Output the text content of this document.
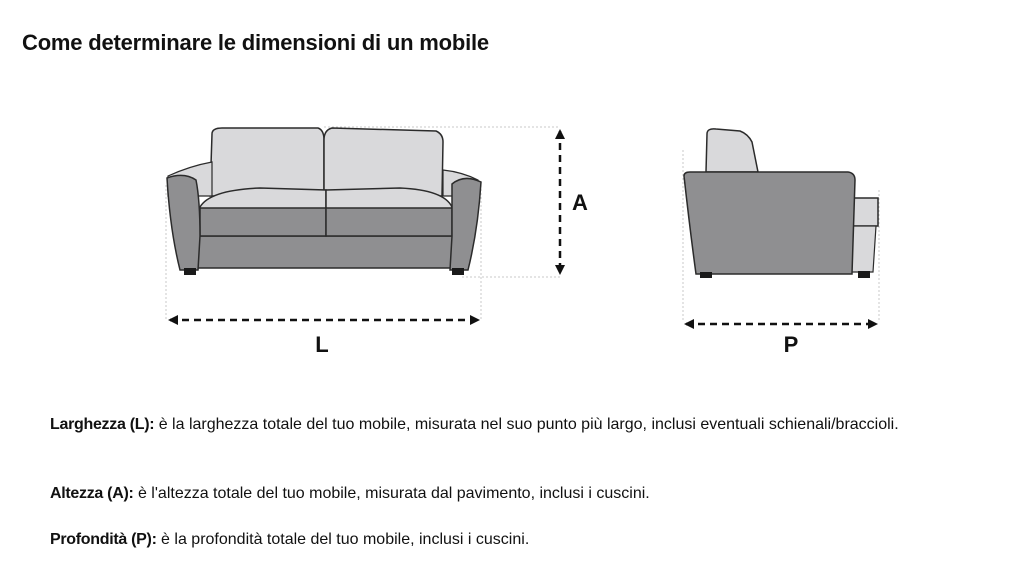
Come determinare le dimensioni di un mobile
L
A
P
Larghezza (L): è la larghezza totale del tuo mobile, misurata nel suo punto più largo, inclusi eventuali schienali/braccioli.
Altezza (A): è l'altezza totale del tuo mobile, misurata dal pavimento, inclusi i cuscini.
Profondità (P): è la profondità totale del tuo mobile, inclusi i cuscini.
